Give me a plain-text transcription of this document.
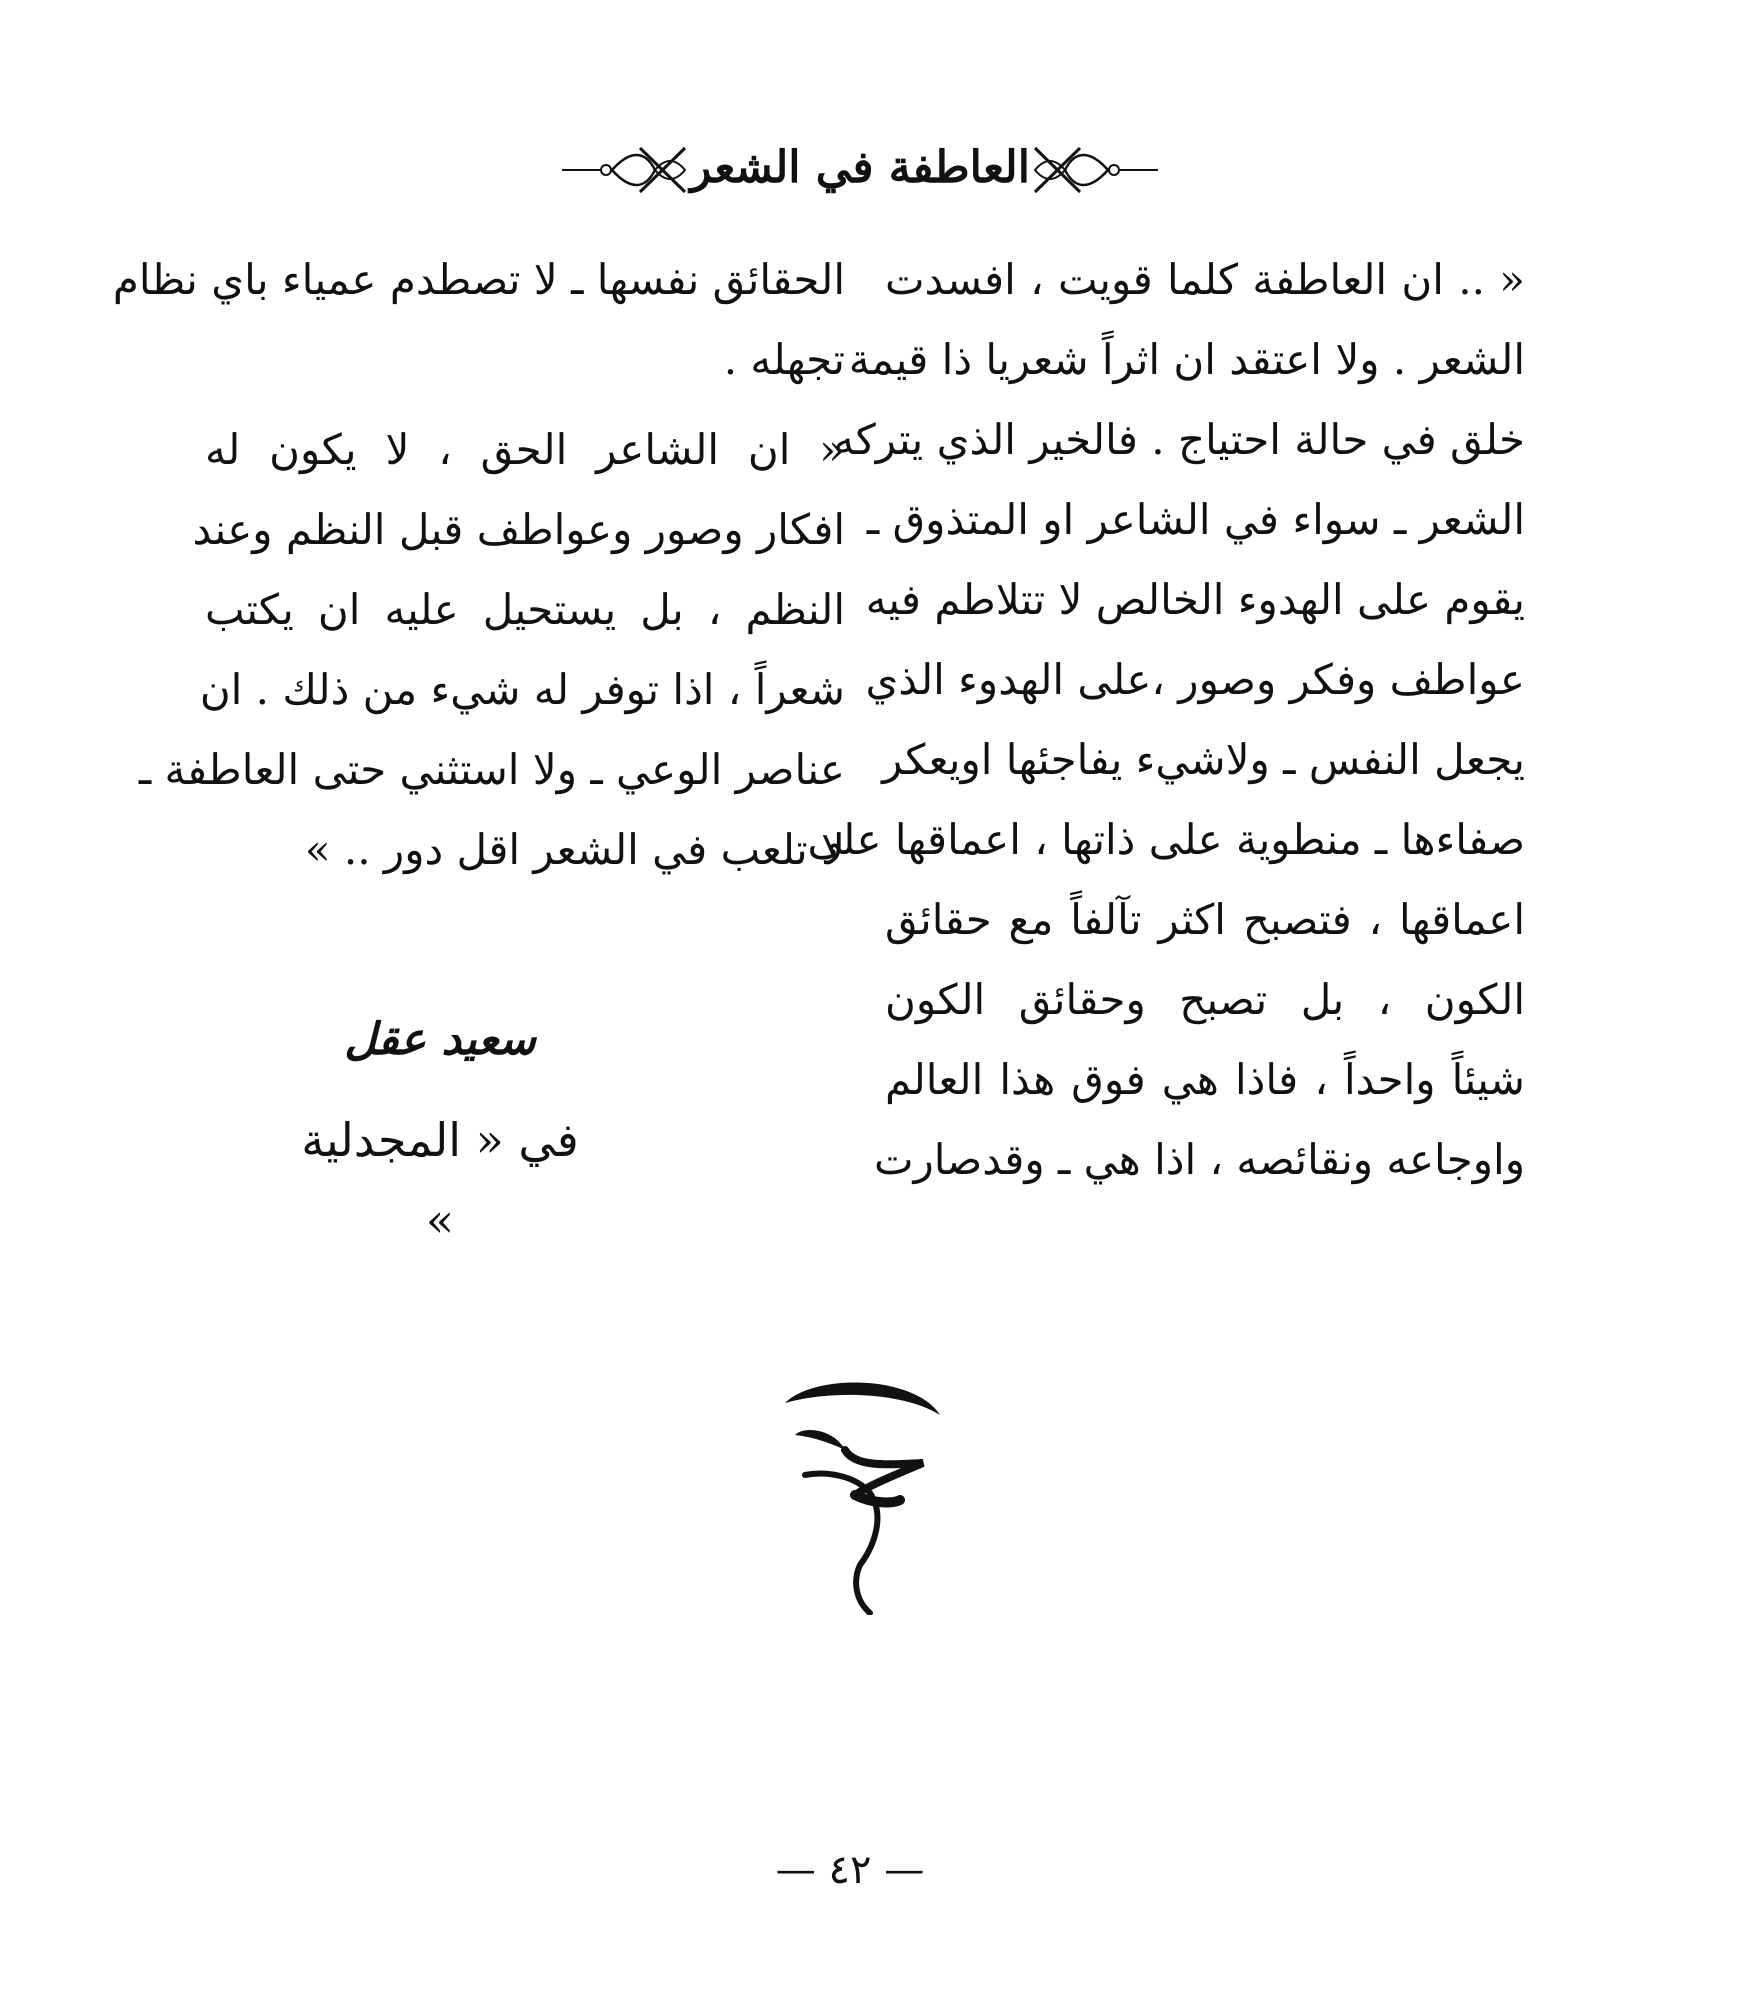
العاطفة في الشعر
« .. ان العاطفة كلما قويت ، افسدت
الشعر . ولا اعتقد ان اثراً شعريا ذا قيمة
خلق في حالة احتياج . فالخير الذي يتركه
الشعر ـ سواء في الشاعر او المتذوق ـ
يقوم على الهدوء الخالص لا تتلاطم فيه
عواطف وفكر وصور ،على الهدوء الذي
يجعل النفس ـ ولاشيء يفاجئها اويعكر
صفاءها ـ منطوية على ذاتها ، اعماقها على
اعماقها ، فتصبح اكثر تآلفاً مع حقائق
الكون ، بل تصبح وحقائق الكون
شيئاً واحداً ، فاذا هي فوق هذا العالم
واوجاعه ونقائصه ، اذا هي ـ وقدصارت
الحقائق نفسها ـ لا تصطدم عمياء باي نظام
تجهله .
« ان الشاعر الحق ، لا يكون له
افكار وصور وعواطف قبل النظم وعند
النظم ، بل يستحيل عليه ان يكتب
شعراً ، اذا توفر له شيء من ذلك . ان
عناصر الوعي ـ ولا استثني حتى العاطفة ـ
لا تلعب في الشعر اقل دور .. »
سعيد عقل
في « المجدلية »
— ٤٢ —
